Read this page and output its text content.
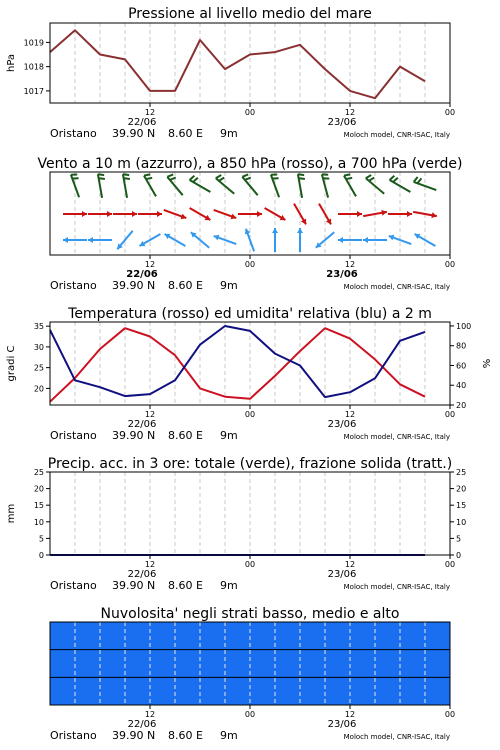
Pressione al livello medio del mare
1017
1018
1019
hPa
12	00	12	00
22/06	23/06
Oristano 39.90 N 8.60 E 9m	Moloch model, CNR-ISAC, Italy
Vento a 10 m (azzurro), a 850 hPa (rosso), a 700 hPa (verde)
12	00	12	00
22/06	23/06
Oristano 39.90 N 8.60 E 9m	Moloch model, CNR-ISAC, Italy
Temperatura (rosso) ed umidita' relativa (blu) a 2 m
20
25
30
35
20
40
60
80
100
gradi C	%
12	00	12	00
22/06	23/06
Oristano 39.90 N 8.60 E 9m	Moloch model, CNR-ISAC, Italy
Precip. acc. in 3 ore: totale (verde), frazione solida (tratt.)
0
5
10
15
20
25
0
5
10
15
20
25
mm
12	00	12	00
22/06	23/06
Oristano 39.90 N 8.60 E 9m	Moloch model, CNR-ISAC, Italy
Nuvolosita' negli strati basso, medio e alto
12	00	12	00
22/06	23/06
Oristano 39.90 N 8.60 E 9m	Moloch model, CNR-ISAC, Italy
